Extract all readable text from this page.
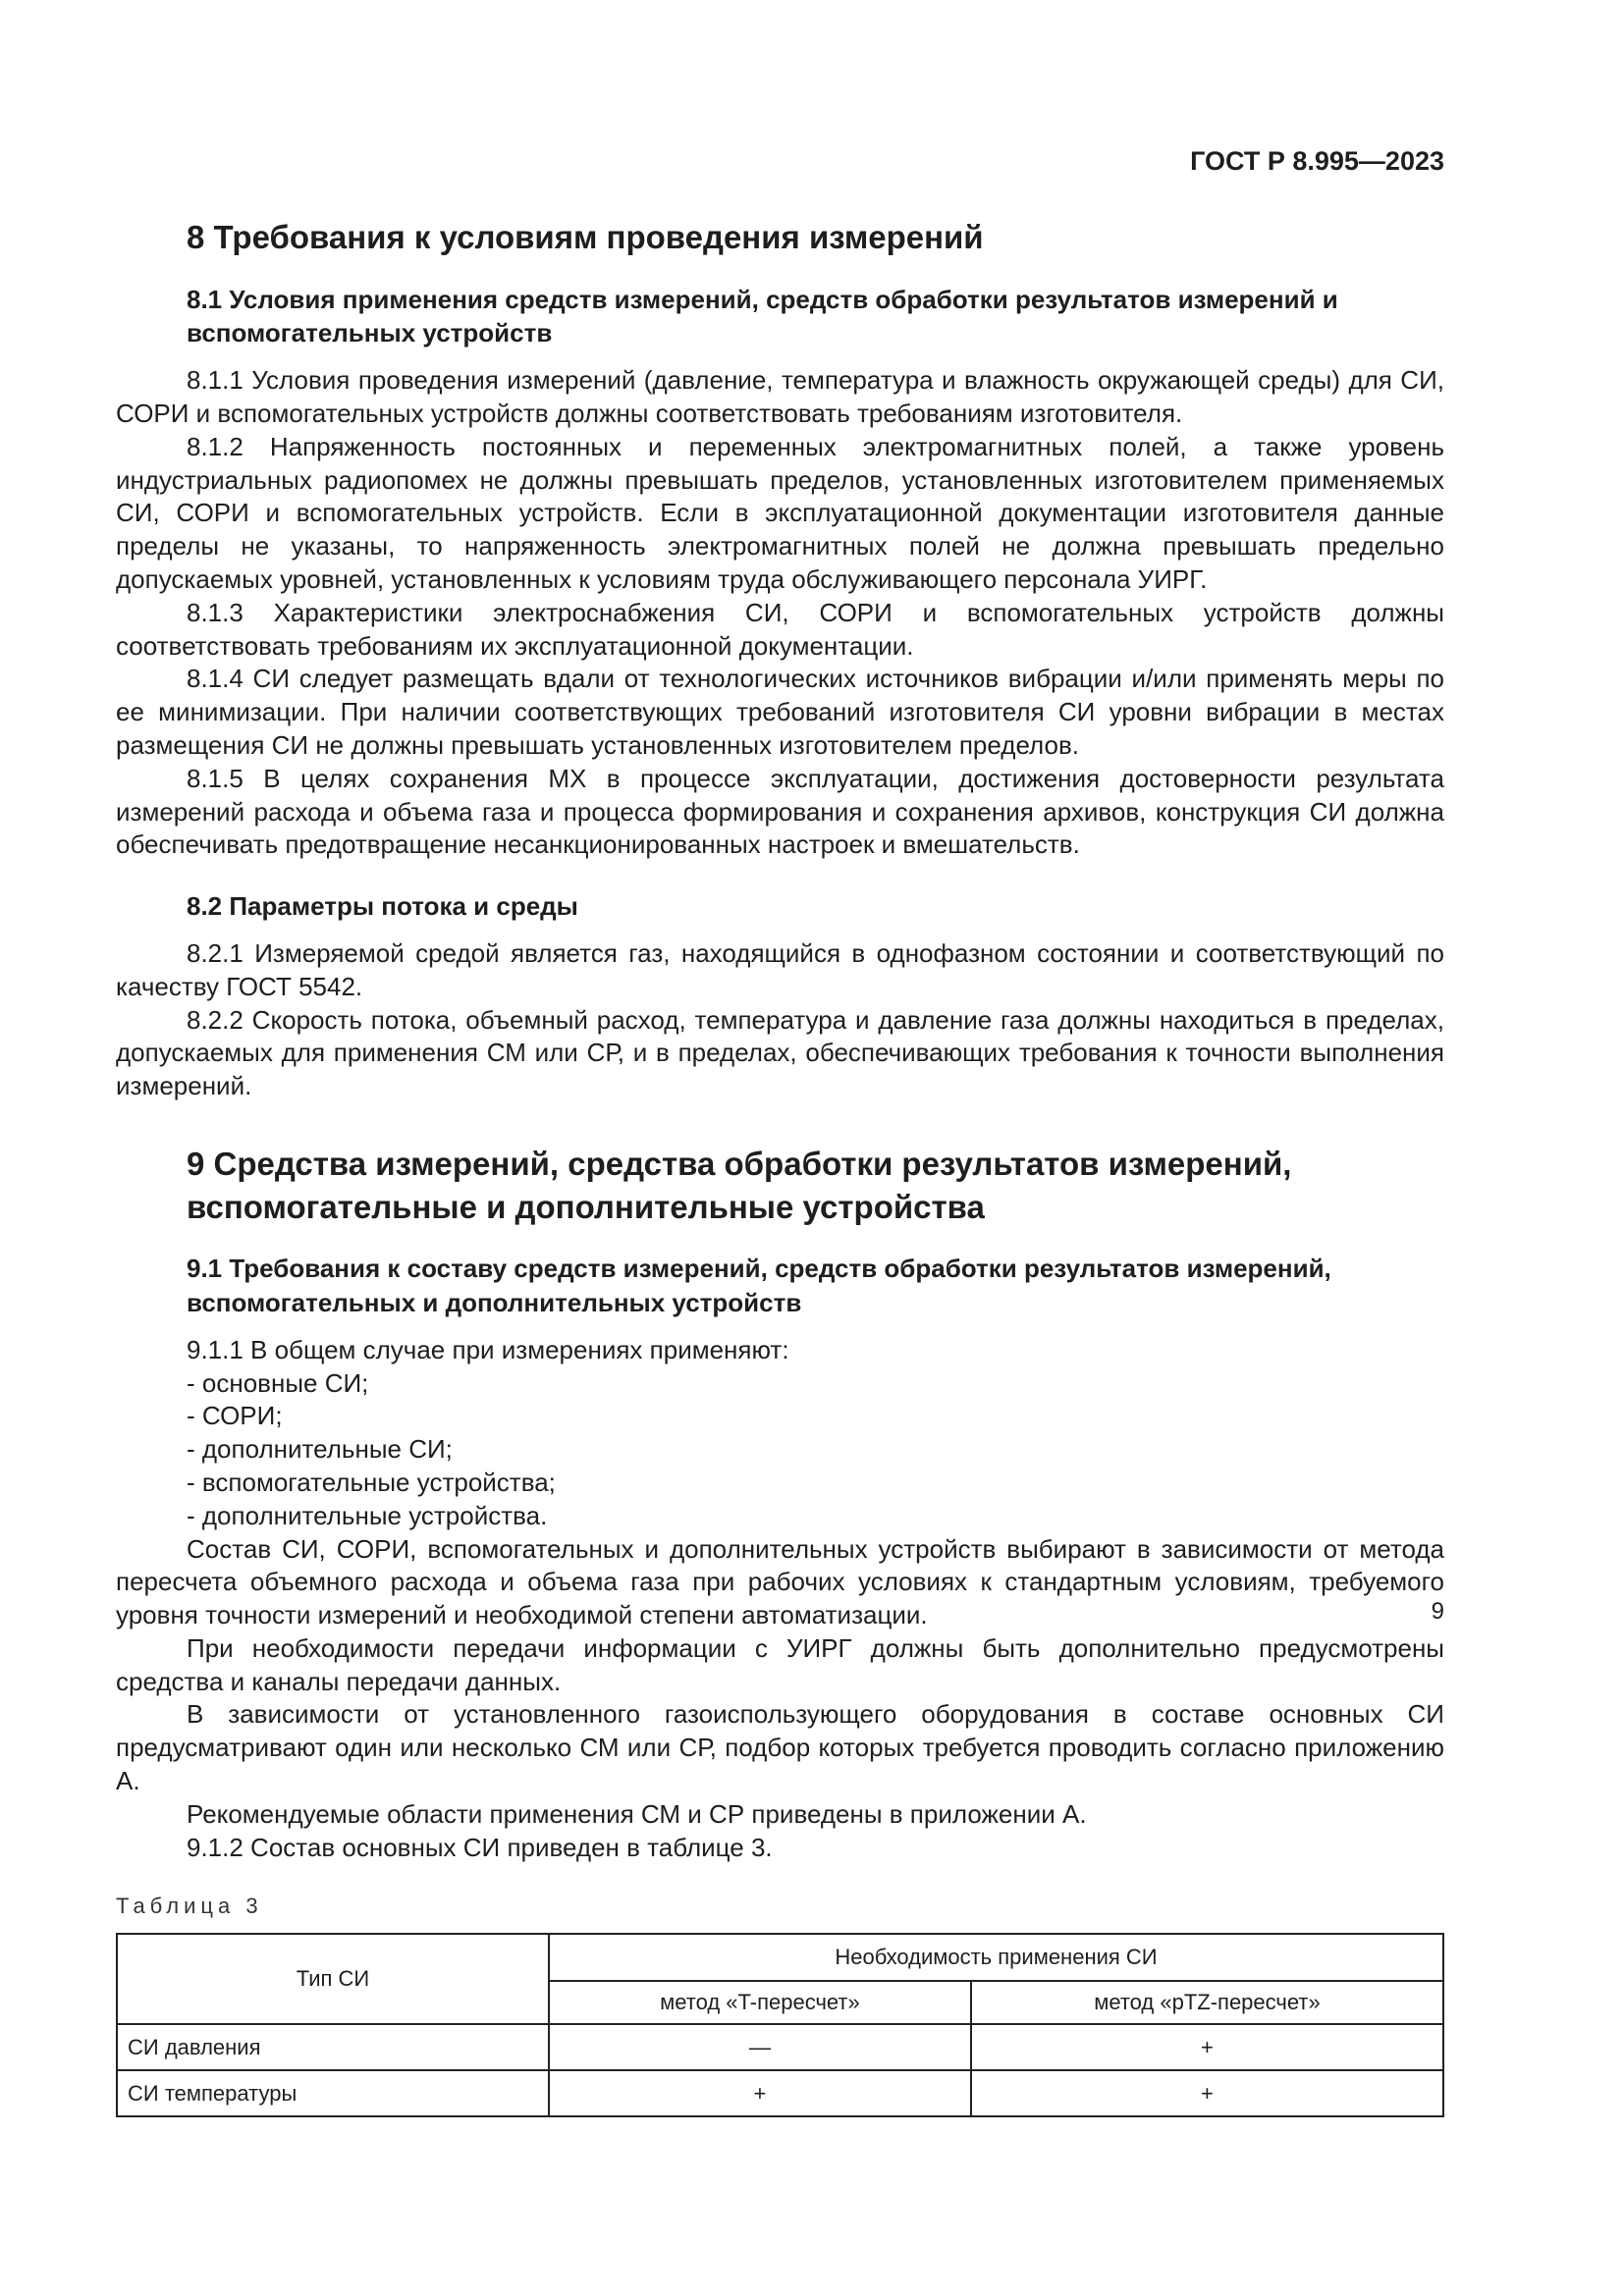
ГОСТ Р 8.995—2023
8 Требования к условиям проведения измерений
8.1 Условия применения средств измерений, средств обработки результатов измерений и вспомогательных устройств

8.1.1 Условия проведения измерений (давление, температура и влажность окружающей среды) для СИ, СОРИ и вспомогательных устройств должны соответствовать требованиям изготовителя.

8.1.2 Напряженность постоянных и переменных электромагнитных полей, а также уровень индустриальных радиопомех не должны превышать пределов, установленных изготовителем применяемых СИ, СОРИ и вспомогательных устройств. Если в эксплуатационной документации изготовителя данные пределы не указаны, то напряженность электромагнитных полей не должна превышать предельно допускаемых уровней, установленных к условиям труда обслуживающего персонала УИРГ.

8.1.3 Характеристики электроснабжения СИ, СОРИ и вспомогательных устройств должны соответствовать требованиям их эксплуатационной документации.

8.1.4 СИ следует размещать вдали от технологических источников вибрации и/или применять меры по ее минимизации. При наличии соответствующих требований изготовителя СИ уровни вибрации в местах размещения СИ не должны превышать установленных изготовителем пределов.

8.1.5 В целях сохранения МХ в процессе эксплуатации, достижения достоверности результата измерений расхода и объема газа и процесса формирования и сохранения архивов, конструкция СИ должна обеспечивать предотвращение несанкционированных настроек и вмешательств.

8.2 Параметры потока и среды

8.2.1 Измеряемой средой является газ, находящийся в однофазном состоянии и соответствующий по качеству ГОСТ 5542.

8.2.2 Скорость потока, объемный расход, температура и давление газа должны находиться в пределах, допускаемых для применения СМ или СР, и в пределах, обеспечивающих требования к точности выполнения измерений.

9 Средства измерений, средства обработки результатов измерений, вспомогательные и дополнительные устройства
9.1 Требования к составу средств измерений, средств обработки результатов измерений, вспомогательных и дополнительных устройств

9.1.1 В общем случае при измерениях применяют:

- основные СИ;

- СОРИ;

- дополнительные СИ;

- вспомогательные устройства;

- дополнительные устройства.

Состав СИ, СОРИ, вспомогательных и дополнительных устройств выбирают в зависимости от метода пересчета объемного расхода и объема газа при рабочих условиях к стандартным условиям, требуемого уровня точности измерений и необходимой степени автоматизации.

При необходимости передачи информации с УИРГ должны быть дополнительно предусмотрены средства и каналы передачи данных.

В зависимости от установленного газоиспользующего оборудования в составе основных СИ предусматривают один или несколько СМ или СР, подбор которых требуется проводить согласно приложению А.

Рекомендуемые области применения СМ и СР приведены в приложении А.

9.1.2 Состав основных СИ приведен в таблице 3.

Таблица 3
Тип СИ	Необходимость применения СИ	
	метод «T-пересчет»	метод «pTZ-пересчет»
СИ давления	—	+
СИ температуры	+	+
9
